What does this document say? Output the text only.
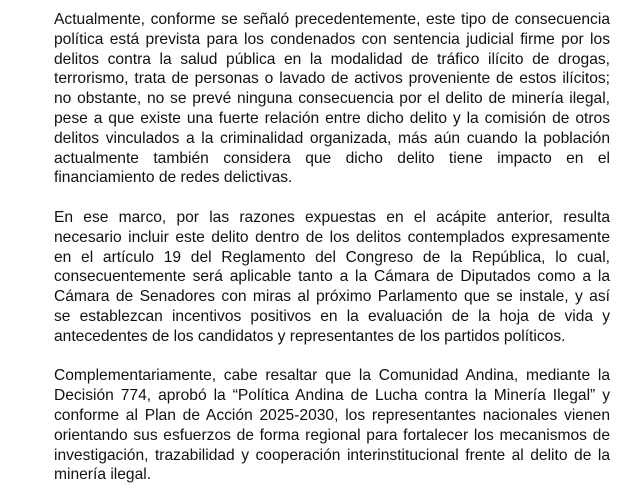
Actualmente, conforme se señaló precedentemente, este tipo de consecuencia
política está prevista para los condenados con sentencia judicial firme por los
delitos contra la salud pública en la modalidad de tráfico ilícito de drogas,
terrorismo, trata de personas o lavado de activos proveniente de estos ilícitos;
no obstante, no se prevé ninguna consecuencia por el delito de minería ilegal,
pese a que existe una fuerte relación entre dicho delito y la comisión de otros
delitos vinculados a la criminalidad organizada, más aún cuando la población
actualmente también considera que dicho delito tiene impacto en el
financiamiento de redes delictivas.
En ese marco, por las razones expuestas en el acápite anterior, resulta
necesario incluir este delito dentro de los delitos contemplados expresamente
en el artículo 19 del Reglamento del Congreso de la República, lo cual,
consecuentemente será aplicable tanto a la Cámara de Diputados como a la
Cámara de Senadores con miras al próximo Parlamento que se instale, y así
se establezcan incentivos positivos en la evaluación de la hoja de vida y
antecedentes de los candidatos y representantes de los partidos políticos.
Complementariamente, cabe resaltar que la Comunidad Andina, mediante la
Decisión 774, aprobó la “Política Andina de Lucha contra la Minería Ilegal” y
conforme al Plan de Acción 2025-2030, los representantes nacionales vienen
orientando sus esfuerzos de forma regional para fortalecer los mecanismos de
investigación, trazabilidad y cooperación interinstitucional frente al delito de la
minería ilegal.
